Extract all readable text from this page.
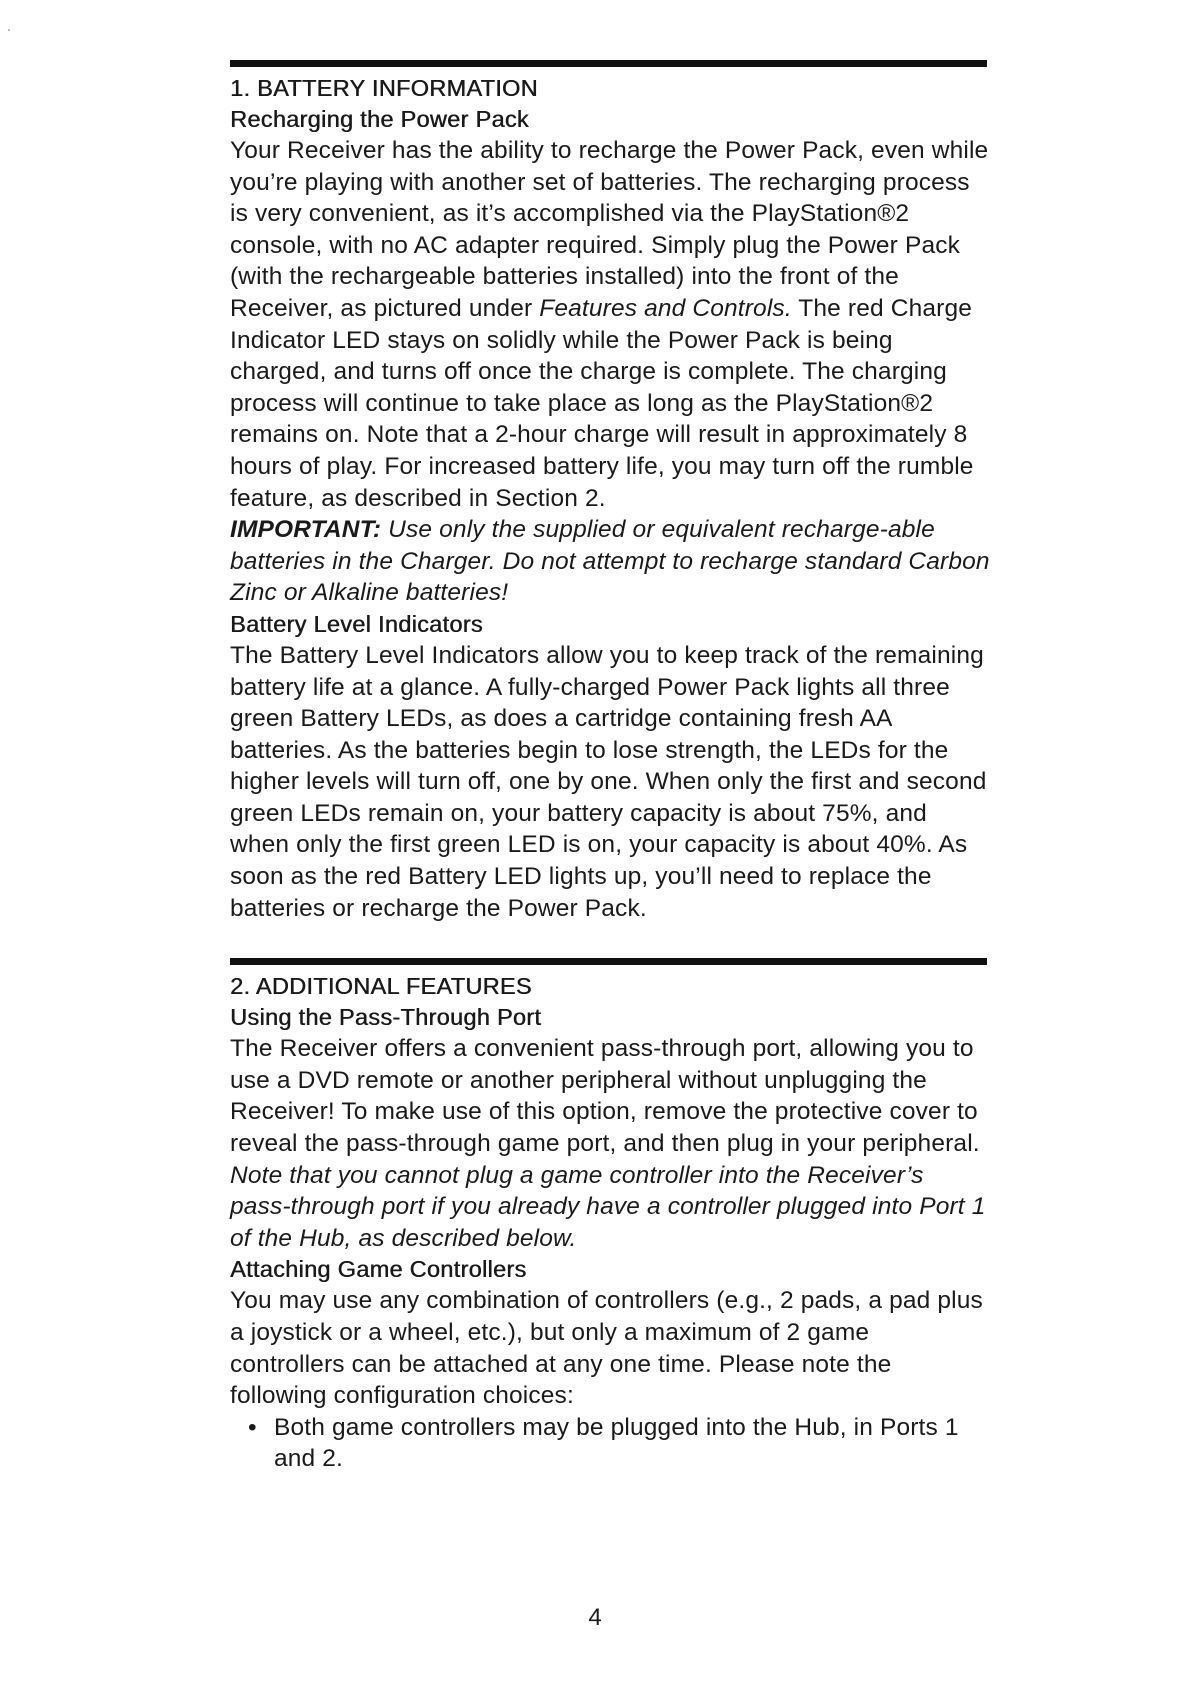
1. BATTERY INFORMATION
Recharging the Power Pack

Your Receiver has the ability to recharge the Power Pack, even while you’re playing with another set of batteries. The recharging process is very convenient, as it’s accomplished via the PlayStation®2 console, with no AC adapter required. Simply plug the Power Pack (with the rechargeable batteries installed) into the front of the Receiver, as pictured under Features and Controls. The red Charge Indicator LED stays on solidly while the Power Pack is being charged, and turns off once the charge is complete. The charging process will continue to take place as long as the PlayStation®2 remains on. Note that a 2-hour charge will result in approximately 8 hours of play. For increased battery life, you may turn off the rumble feature, as described in Section 2.

IMPORTANT: Use only the supplied or equivalent recharge-able batteries in the Charger. Do not attempt to recharge standard Carbon Zinc or Alkaline batteries!

Battery Level Indicators

The Battery Level Indicators allow you to keep track of the remaining battery life at a glance. A fully-charged Power Pack lights all three green Battery LEDs, as does a cartridge containing fresh AA batteries. As the batteries begin to lose strength, the LEDs for the higher levels will turn off, one by one. When only the first and second green LEDs remain on, your battery capacity is about 75%, and when only the first green LED is on, your capacity is about 40%. As soon as the red Battery LED lights up, you’ll need to replace the batteries or recharge the Power Pack.

2. ADDITIONAL FEATURES
Using the Pass-Through Port

The Receiver offers a convenient pass-through port, allowing you to use a DVD remote or another peripheral without unplugging the Receiver! To make use of this option, remove the protective cover to reveal the pass-through game port, and then plug in your peripheral. Note that you cannot plug a game controller into the Receiver’s pass-through port if you already have a controller plugged into Port 1 of the Hub, as described below.

Attaching Game Controllers

You may use any combination of controllers (e.g., 2 pads, a pad plus a joystick or a wheel, etc.), but only a maximum of 2 game controllers can be attached at any one time. Please note the following configuration choices:

• Both game controllers may be plugged into the Hub, in Ports 1 and 2.
4
